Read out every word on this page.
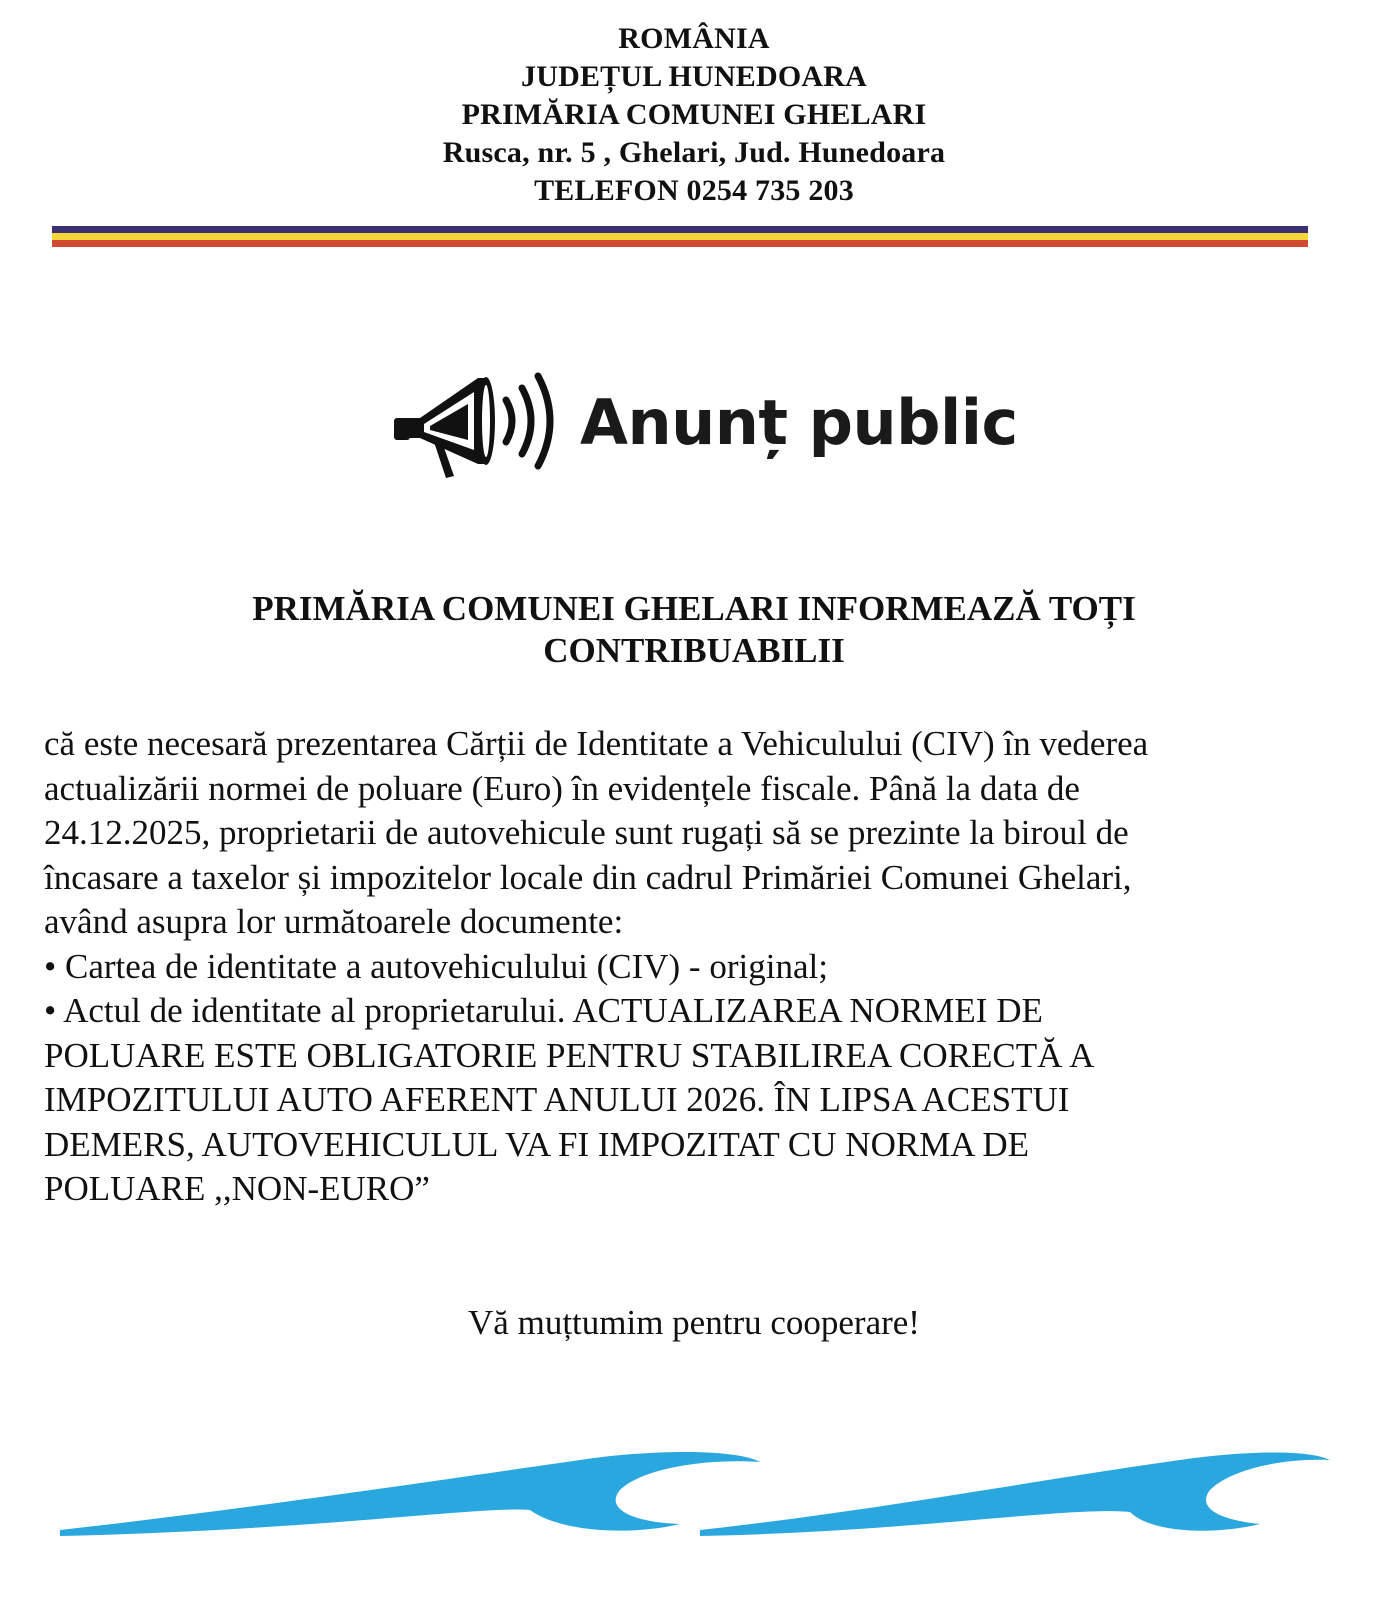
ROMÂNIA
JUDEȚUL HUNEDOARA
PRIMĂRIA COMUNEI GHELARI
Rusca, nr. 5 , Ghelari, Jud. Hunedoara
TELEFON 0254 735 203
Anunț public
PRIMĂRIA COMUNEI GHELARI INFORMEAZĂ TOȚI
CONTRIBUABILII

că este necesară prezentarea Cărții de Identitate a Vehiculului (CIV) în vederea

actualizării normei de poluare (Euro) în evidențele fiscale. Până la data de

24.12.2025, proprietarii de autovehicule sunt rugați să se prezinte la biroul de

încasare a taxelor și impozitelor locale din cadrul Primăriei Comunei Ghelari,

având asupra lor următoarele documente:

• Cartea de identitate a autovehiculului (CIV) - original;

• Actul de identitate al proprietarului. ACTUALIZAREA NORMEI DE

POLUARE ESTE OBLIGATORIE PENTRU STABILIREA CORECTĂ A

IMPOZITULUI AUTO AFERENT ANULUI 2026. ÎN LIPSA ACESTUI

DEMERS, AUTOVEHICULUL VA FI IMPOZITAT CU NORMA DE

POLUARE ,,NON-EURO”

Vă muțtumim pentru cooperare!
